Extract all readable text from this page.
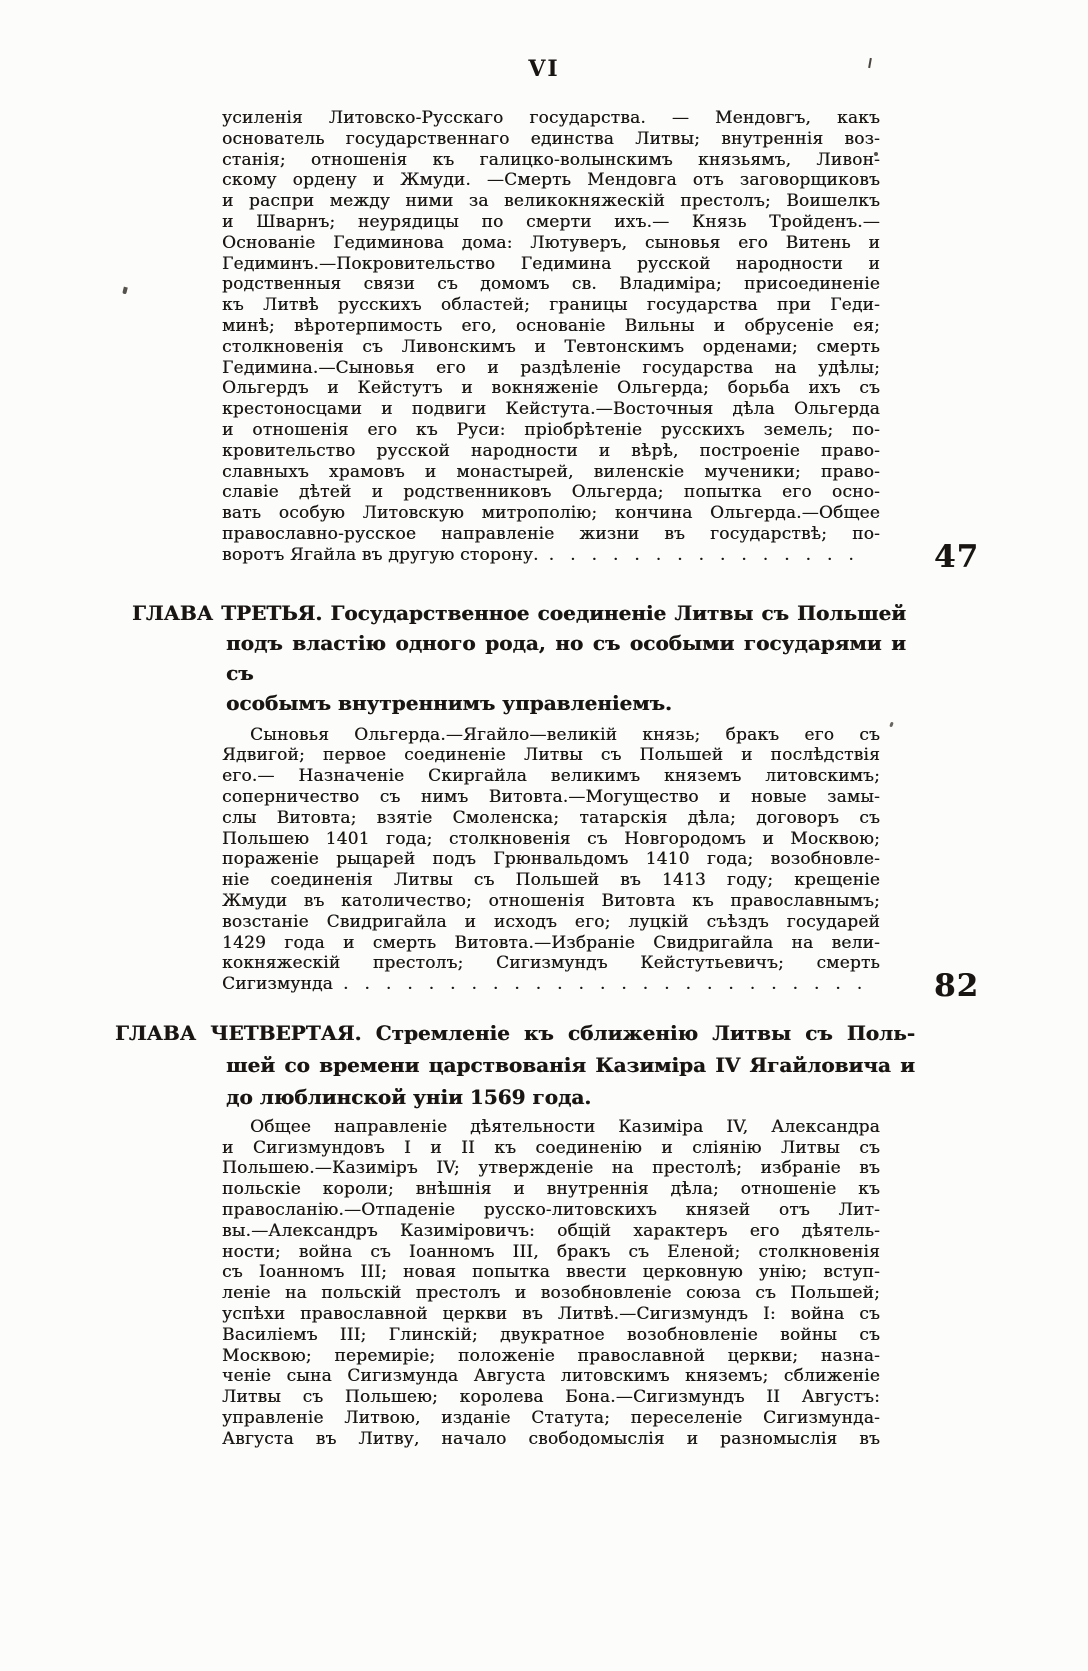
VI
усиленія Литовско-Русскаго государства. — Мендовгъ, какъ
основатель государственнаго единства Литвы; внутреннія воз-
станія; отношенія къ галицко-волынскимъ князьямъ, Ливон-
скому ордену и Жмуди. —Смерть Мендовга отъ заговорщиковъ
и распри между ними за великокняжескій престолъ; Воишелкъ
и Шварнъ; неурядицы по смерти ихъ.— Князь Тройденъ.—
Основаніе Гедиминова дома: Лютуверъ, сыновья его Витень и
Гедиминъ.—Покровительство Гедимина русской народности и
родственныя связи съ домомъ св. Владиміра; присоединеніе
къ Литвѣ русскихъ областей; границы государства при Геди-
минѣ; вѣротерпимость его, основаніе Вильны и обрусеніе ея;
столкновенія съ Ливонскимъ и Тевтонскимъ орденами; смерть
Гедимина.—Сыновья его и раздѣленіе государства на удѣлы;
Ольгердъ и Кейстутъ и вокняженіе Ольгерда; борьба ихъ съ
крестоносцами и подвиги Кейстута.—Восточныя дѣла Ольгерда
и отношенія его къ Руси: пріобрѣтеніе русскихъ земель; по-
кровительство русской народности и вѣрѣ, построеніе право-
славныхъ храмовъ и монастырей, виленскіе мученики; право-
славіе дѣтей и родственниковъ Ольгерда; попытка его осно-
вать особую Литовскую митрополію; кончина Ольгерда.—Общее
православно-русское направленіе жизни въ государствѣ; по-
воротъ Ягайла въ другую сторону. ............... 47
ГЛАВА ТРЕТЬЯ. Государственное соединеніе Литвы съ Польшей
подъ властію одного рода, но съ особыми государями и съ
особымъ внутреннимъ управленіемъ.
Сыновья Ольгерда.—Ягайло—великій князь; бракъ его съ
Ядвигой; первое соединеніе Литвы съ Польшей и послѣдствія
его.— Назначеніе Скиргайла великимъ княземъ литовскимъ;
соперничество съ нимъ Витовта.—Могущество и новые замы-
слы Витовта; взятіе Смоленска; татарскія дѣла; договоръ съ
Польшею 1401 года; столкновенія съ Новгородомъ и Москвою;
пораженіе рыцарей подъ Грюнвальдомъ 1410 года; возобновле-
ніе соединенія Литвы съ Польшей въ 1413 году; крещеніе
Жмуди въ католичество; отношенія Витовта къ православнымъ;
возстаніе Свидригайла и исходъ его; луцкій съѣздъ государей
1429 года и смерть Витовта.—Избраніе Свидригайла на вели-
кокняжескій престолъ; Сигизмундъ Кейстутьевичъ; смерть
Сигизмунда ......................... 82
ГЛАВА ЧЕТВЕРТАЯ. Стремленіе къ сближенію Литвы съ Поль-
шей со времени царствованія Казиміра IV Ягайловича и
до люблинской уніи 1569 года.
Общее направленіе дѣятельности Казиміра IV, Александра
и Сигизмундовъ I и II къ соединенію и сліянію Литвы съ
Польшею.—Казиміръ IV; утвержденіе на престолѣ; избраніе въ
польскіе короли; внѣшнія и внутреннія дѣла; отношеніе къ
правосланію.—Отпаденіе русско-литовскихъ князей отъ Лит-
вы.—Александръ Казиміровичъ: общій характеръ его дѣятель-
ности; война съ Іоанномъ III, бракъ съ Еленой; столкновенія
съ Іоанномъ III; новая попытка ввести церковную унію; вступ-
леніе на польскій престолъ и возобновленіе союза съ Польшей;
успѣхи православной церкви въ Литвѣ.—Сигизмундъ I: война съ
Василіемъ III; Глинскій; двукратное возобновленіе войны съ
Москвою; перемиріе; положеніе православной церкви; назна-
ченіе сына Сигизмунда Августа литовскимъ княземъ; сближеніе
Литвы съ Польшею; королева Бона.—Сигизмундъ II Августъ:
управленіе Литвою, изданіе Статута; переселеніе Сигизмунда-
Августа въ Литву, начало свободомыслія и разномыслія въ
